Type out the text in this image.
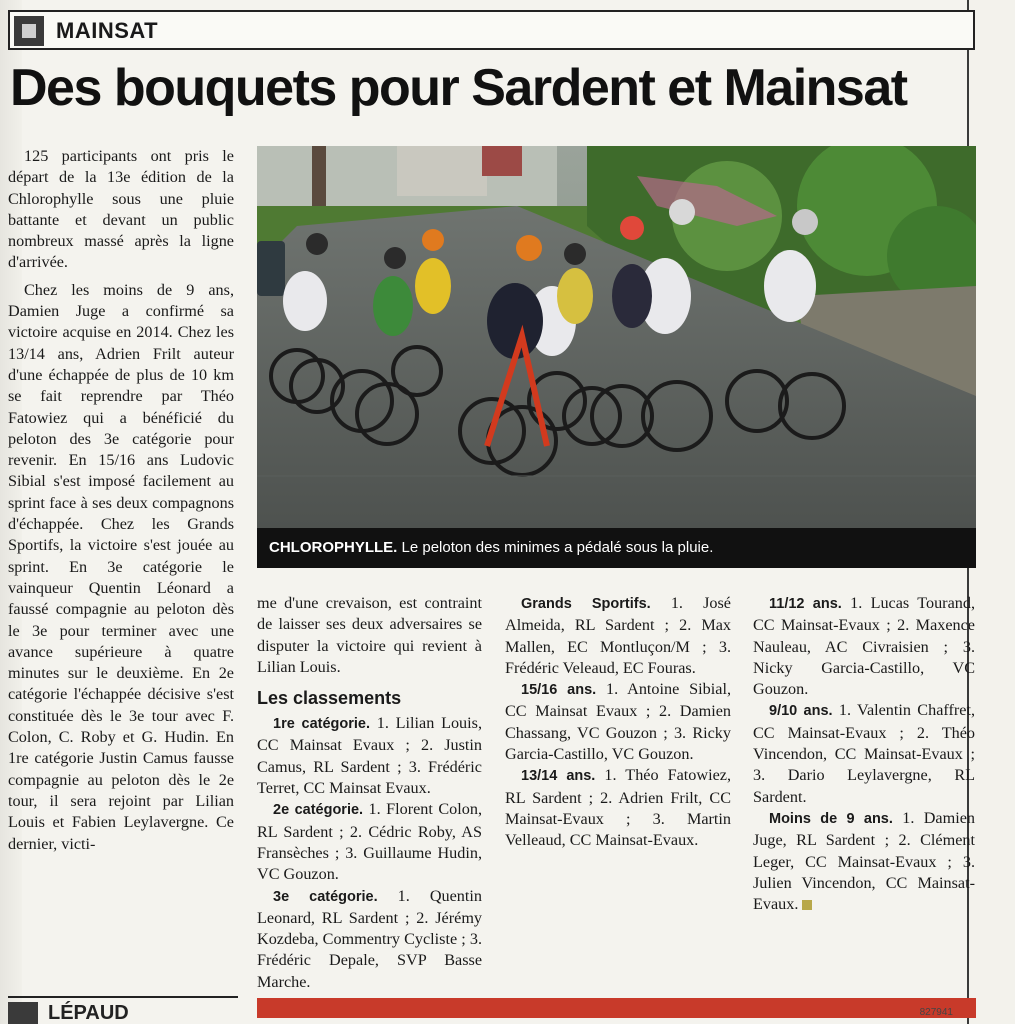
MAINSAT
Des bouquets pour Sardent et Mainsat
CHLOROPHYLLE. Le peloton des minimes a pédalé sous la pluie.

125 participants ont pris le départ de la 13e édition de la Chlorophylle sous une pluie battante et devant un public nombreux massé après la ligne d'arrivée.

Chez les moins de 9 ans, Damien Juge a confirmé sa victoire acquise en 2014. Chez les 13/14 ans, Adrien Frilt auteur d'une échappée de plus de 10 km se fait reprendre par Théo Fatowiez qui a bénéficié du peloton des 3e catégorie pour revenir. En 15/16 ans Ludovic Sibial s'est imposé facilement au sprint face à ses deux compagnons d'échappée. Chez les Grands Sportifs, la victoire s'est jouée au sprint. En 3e catégorie le vainqueur Quentin Léonard a faussé compagnie au peloton dès le 3e pour terminer avec une avance supérieure à quatre minutes sur le deuxième. En 2e catégorie l'échappée décisive s'est constituée dès le 3e tour avec F. Colon, C. Roby et G. Hudin. En 1re catégorie Justin Camus fausse compagnie au peloton dès le 2e tour, il sera rejoint par Lilian Louis et Fabien Leylavergne. Ce dernier, victi-

me d'une crevaison, est contraint de laisser ses deux adversaires se disputer la victoire qui revient à Lilian Louis.

Les classements

1re catégorie. 1. Lilian Louis, CC Mainsat Evaux ; 2. Justin Camus, RL Sardent ; 3. Frédéric Terret, CC Mainsat Evaux.

2e catégorie. 1. Florent Colon, RL Sardent ; 2. Cédric Roby, AS Fransèches ; 3. Guillaume Hudin, VC Gouzon.

3e catégorie. 1. Quentin Leonard, RL Sardent ; 2. Jérémy Kozdeba, Commentry Cycliste ; 3. Frédéric Depale, SVP Basse Marche.

Grands Sportifs. 1. José Almeida, RL Sardent ; 2. Max Mallen, EC Montluçon/M ; 3. Frédéric Veleaud, EC Fouras.

15/16 ans. 1. Antoine Sibial, CC Mainsat Evaux ; 2. Damien Chassang, VC Gouzon ; 3. Ricky Garcia-Castillo, VC Gouzon.

13/14 ans. 1. Théo Fatowiez, RL Sardent ; 2. Adrien Frilt, CC Mainsat-Evaux ; 3. Martin Velleaud, CC Mainsat-Evaux.

11/12 ans. 1. Lucas Tourand, CC Mainsat-Evaux ; 2. Maxence Nauleau, AC Civraisien ; 3. Nicky Garcia-Castillo, VC Gouzon.

9/10 ans. 1. Valentin Chaffret, CC Mainsat-Evaux ; 2. Théo Vincendon, CC Mainsat-Evaux ; 3. Dario Leylavergne, RL Sardent.

Moins de 9 ans. 1. Damien Juge, RL Sardent ; 2. Clément Leger, CC Mainsat-Evaux ; 3. Julien Vincendon, CC Mainsat-Evaux.

LÉPAUD	827941
